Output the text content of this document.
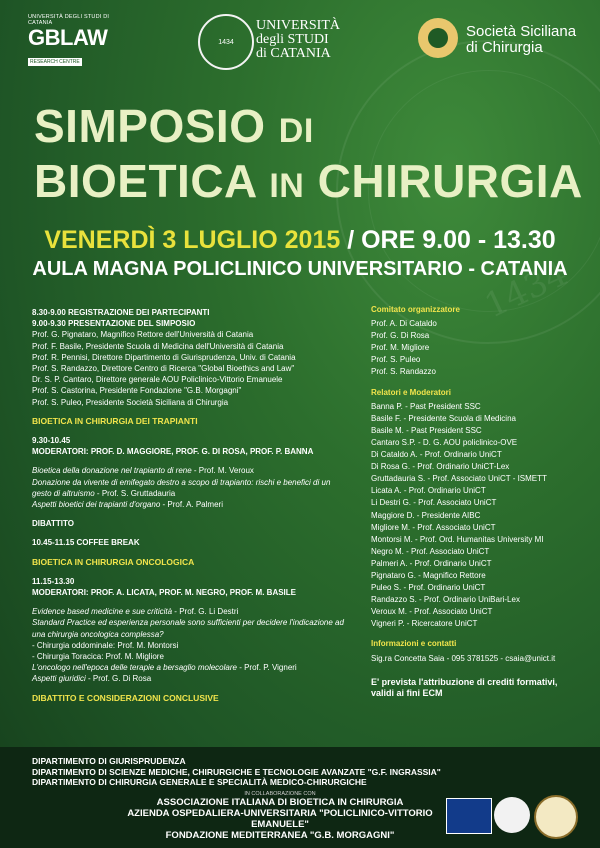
1434
UNIVERSITÀ DEGLI STUDI DI CATANIA
GBLAW
RESEARCH CENTRE
1434
UNIVERSITÀ
degli STUDI
di CATANIA
Società Siciliana
di Chirurgia
SIMPOSIO DI
BIOETICA IN CHIRURGIA
VENERDÌ 3 LUGLIO 2015 / ORE 9.00 - 13.30
AULA MAGNA POLICLINICO UNIVERSITARIO - CATANIA
8.30-9.00 REGISTRAZIONE DEI PARTECIPANTI
9.00-9.30 PRESENTAZIONE DEL SIMPOSIO
Prof. G. Pignataro, Magnifico Rettore dell'Università di Catania
Prof. F. Basile, Presidente Scuola di Medicina dell'Università di Catania
Prof. R. Pennisi, Direttore Dipartimento di Giurisprudenza, Univ. di Catania
Prof. S. Randazzo, Direttore Centro di Ricerca "Global Bioethics and Law"
Dr. S. P. Cantaro, Direttore generale AOU Policlinico-Vittorio Emanuele
Prof. S. Castorina, Presidente Fondazione "G.B. Morgagni"
Prof. S. Puleo, Presidente Società Siciliana di Chirurgia
BIOETICA IN CHIRURGIA DEI TRAPIANTI
9.30-10.45
MODERATORI: PROF. D. MAGGIORE, PROF. G. DI ROSA, PROF. P. BANNA
Bioetica della donazione nel trapianto di rene - Prof. M. Veroux
Donazione da vivente di emifegato destro a scopo di trapianto: rischi e benefici di un gesto di altruismo - Prof. S. Gruttadauria
Aspetti bioetici dei trapianti d'organo - Prof. A. Palmeri
DIBATTITO
10.45-11.15 COFFEE BREAK
BIOETICA IN CHIRURGIA ONCOLOGICA
11.15-13.30
MODERATORI: PROF. A. LICATA, PROF. M. NEGRO, PROF. M. BASILE
Evidence based medicine e sue criticità - Prof. G. Li Destri
Standard Practice ed esperienza personale sono sufficienti per decidere l'indicazione ad una chirurgia oncologica complessa?
- Chirurgia oddominale: Prof. M. Montorsi
- Chirurgia Toracica: Prof. M. Migliore
L'oncologo nell'epoca delle terapie a bersaglio molecolare - Prof. P. Vigneri
Aspetti giuridici - Prof. G. Di Rosa
DIBATTITO E CONSIDERAZIONI CONCLUSIVE
Comitato organizzatore
Prof. A. Di Cataldo
Prof. G. Di Rosa
Prof. M. Migliore
Prof. S. Puleo
Prof. S. Randazzo
Relatori e Moderatori
Banna P. - Past President SSC
Basile F. - Presidente Scuola di Medicina
Basile M. - Past President SSC
Cantaro S.P. - D. G. AOU policlinico-OVE
Di Cataldo A. - Prof. Ordinario UniCT
Di Rosa G. - Prof. Ordinario UniCT-Lex
Gruttadauria S. - Prof. Associato UniCT - ISMETT
Licata A. - Prof. Ordinario UniCT
Li Destri G. - Prof. Associato UniCT
Maggiore D. - Presidente AIBC
Migliore M. - Prof. Associato UniCT
Montorsi M. - Prof. Ord. Humanitas University MI
Negro M. - Prof. Associato UniCT
Palmeri A. - Prof. Ordinario UniCT
Pignataro G. - Magnifico Rettore
Puleo S. - Prof. Ordinario UniCT
Randazzo S. - Prof. Ordinario UniBari-Lex
Veroux M. - Prof. Associato UniCT
Vigneri P. - Ricercatore UniCT
Informazioni e contatti
Sig.ra Concetta Saia - 095 3781525 - csaia@unict.it
E' prevista l'attribuzione di crediti formativi,
validi ai fini ECM
DIPARTIMENTO DI GIURISPRUDENZA
DIPARTIMENTO DI SCIENZE MEDICHE, CHIRURGICHE E TECNOLOGIE AVANZATE "G.F. INGRASSIA"
DIPARTIMENTO DI CHIRURGIA GENERALE E SPECIALITÀ MEDICO-CHIRURGICHE
IN COLLABORAZIONE CON
ASSOCIAZIONE ITALIANA DI BIOETICA IN CHIRURGIA
AZIENDA OSPEDALIERA-UNIVERSITARIA "POLICLINICO-VITTORIO EMANUELE"
FONDAZIONE MEDITERRANEA "G.B. MORGAGNI"
